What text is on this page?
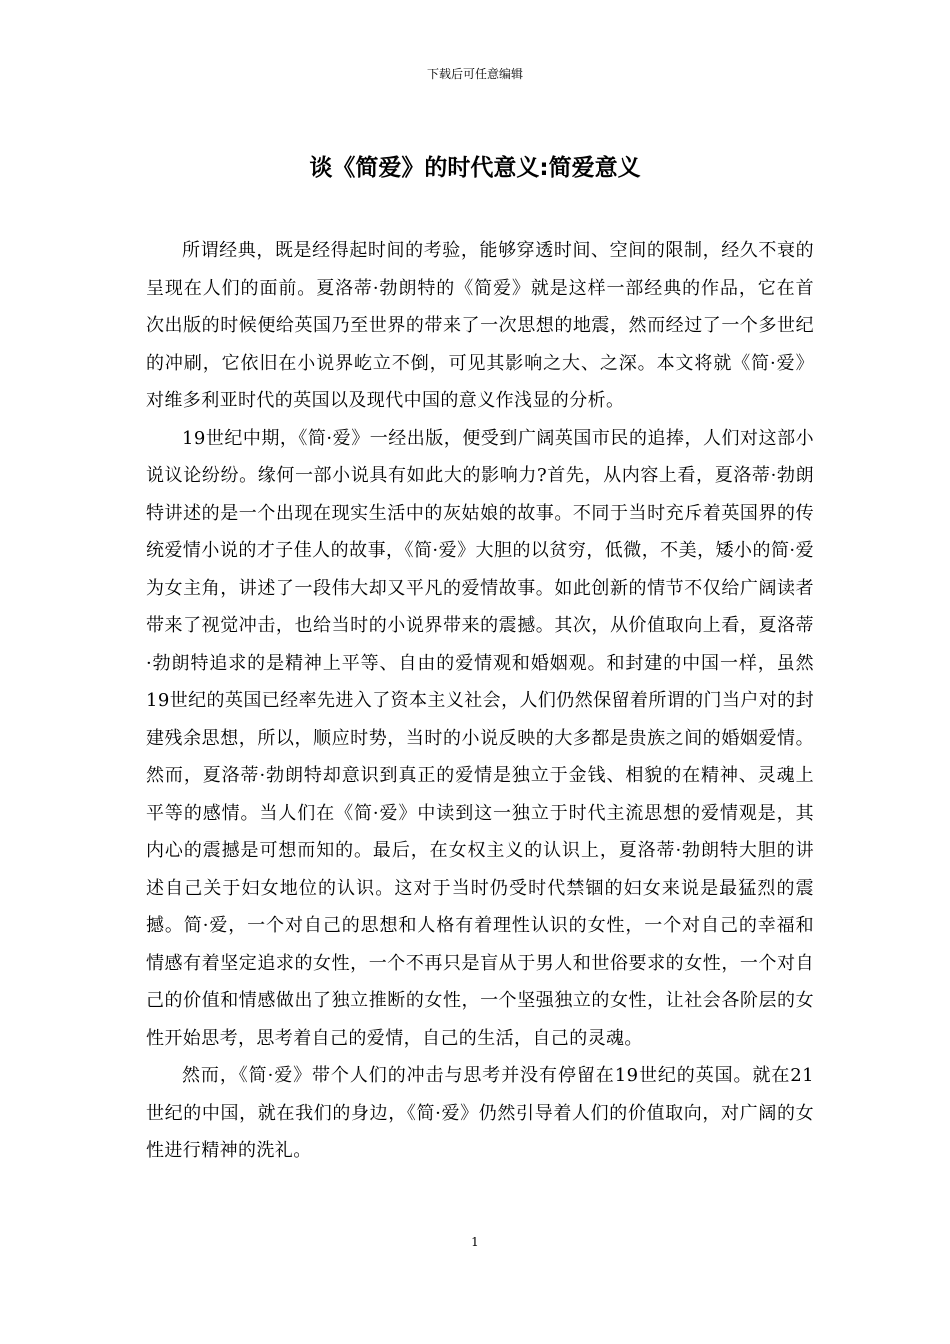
下载后可任意编辑
谈《简爱》的时代意义:简爱意义

所谓经典，既是经得起时间的考验，能够穿透时间、空间的限制，经久不衰的呈现在人们的面前。夏洛蒂·勃朗特的《简爱》就是这样一部经典的作品，它在首次出版的时候便给英国乃至世界的带来了一次思想的地震，然而经过了一个多世纪的冲刷，它依旧在小说界屹立不倒，可见其影响之大、之深。本文将就《简·爱》对维多利亚时代的英国以及现代中国的意义作浅显的分析。

19世纪中期，《简·爱》一经出版，便受到广阔英国市民的追捧，人们对这部小说议论纷纷。缘何一部小说具有如此大的影响力?首先，从内容上看，夏洛蒂·勃朗特讲述的是一个出现在现实生活中的灰姑娘的故事。不同于当时充斥着英国界的传统爱情小说的才子佳人的故事，《简·爱》大胆的以贫穷，低微，不美，矮小的简·爱为女主角，讲述了一段伟大却又平凡的爱情故事。如此创新的情节不仅给广阔读者带来了视觉冲击，也给当时的小说界带来的震撼。其次，从价值取向上看，夏洛蒂·勃朗特追求的是精神上平等、自由的爱情观和婚姻观。和封建的中国一样，虽然19世纪的英国已经率先进入了资本主义社会，人们仍然保留着所谓的门当户对的封建残余思想，所以，顺应时势，当时的小说反映的大多都是贵族之间的婚姻爱情。然而，夏洛蒂·勃朗特却意识到真正的爱情是独立于金钱、相貌的在精神、灵魂上平等的感情。当人们在《简·爱》中读到这一独立于时代主流思想的爱情观是，其内心的震撼是可想而知的。最后，在女权主义的认识上，夏洛蒂·勃朗特大胆的讲述自己关于妇女地位的认识。这对于当时仍受时代禁锢的妇女来说是最猛烈的震撼。简·爱，一个对自己的思想和人格有着理性认识的女性，一个对自己的幸福和情感有着坚定追求的女性，一个不再只是盲从于男人和世俗要求的女性，一个对自己的价值和情感做出了独立推断的女性，一个坚强独立的女性，让社会各阶层的女性开始思考，思考着自己的爱情，自己的生活，自己的灵魂。

然而，《简·爱》带个人们的冲击与思考并没有停留在19世纪的英国。就在21世纪的中国，就在我们的身边，《简·爱》仍然引导着人们的价值取向，对广阔的女性进行精神的洗礼。

1
